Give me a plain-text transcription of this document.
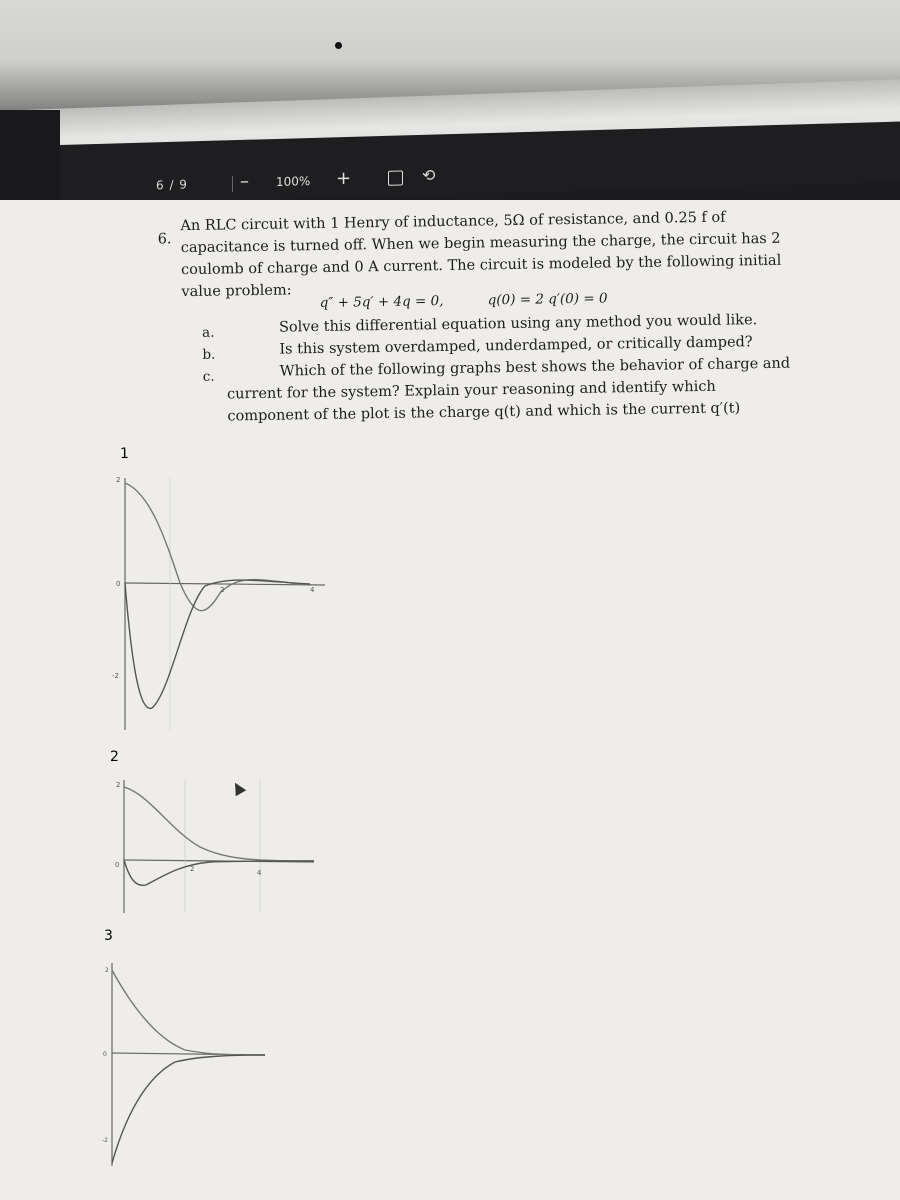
6 / 9	– 100% +	⟲
6.
An RLC circuit with 1 Henry of inductance, 5Ω of resistance, and 0.25 f of capacitance is turned off. When we begin measuring the charge, the circuit has 2 coulomb of charge and 0 A current. The circuit is modeled by the following initial value problem:
q″ + 5q′ + 4q = 0,	q(0) = 2 q′(0) = 0
a.	Solve this differential equation using any method you would like.
b.	Is this system overdamped, underdamped, or critically damped?
c.	Which of the following graphs best shows the behavior of charge and
current for the system? Explain your reasoning and identify which
component of the plot is the charge q(t) and which is the current q′(t)
1
2
3
2
0
-2
2	4
2
0	2	4
2
0
-2
